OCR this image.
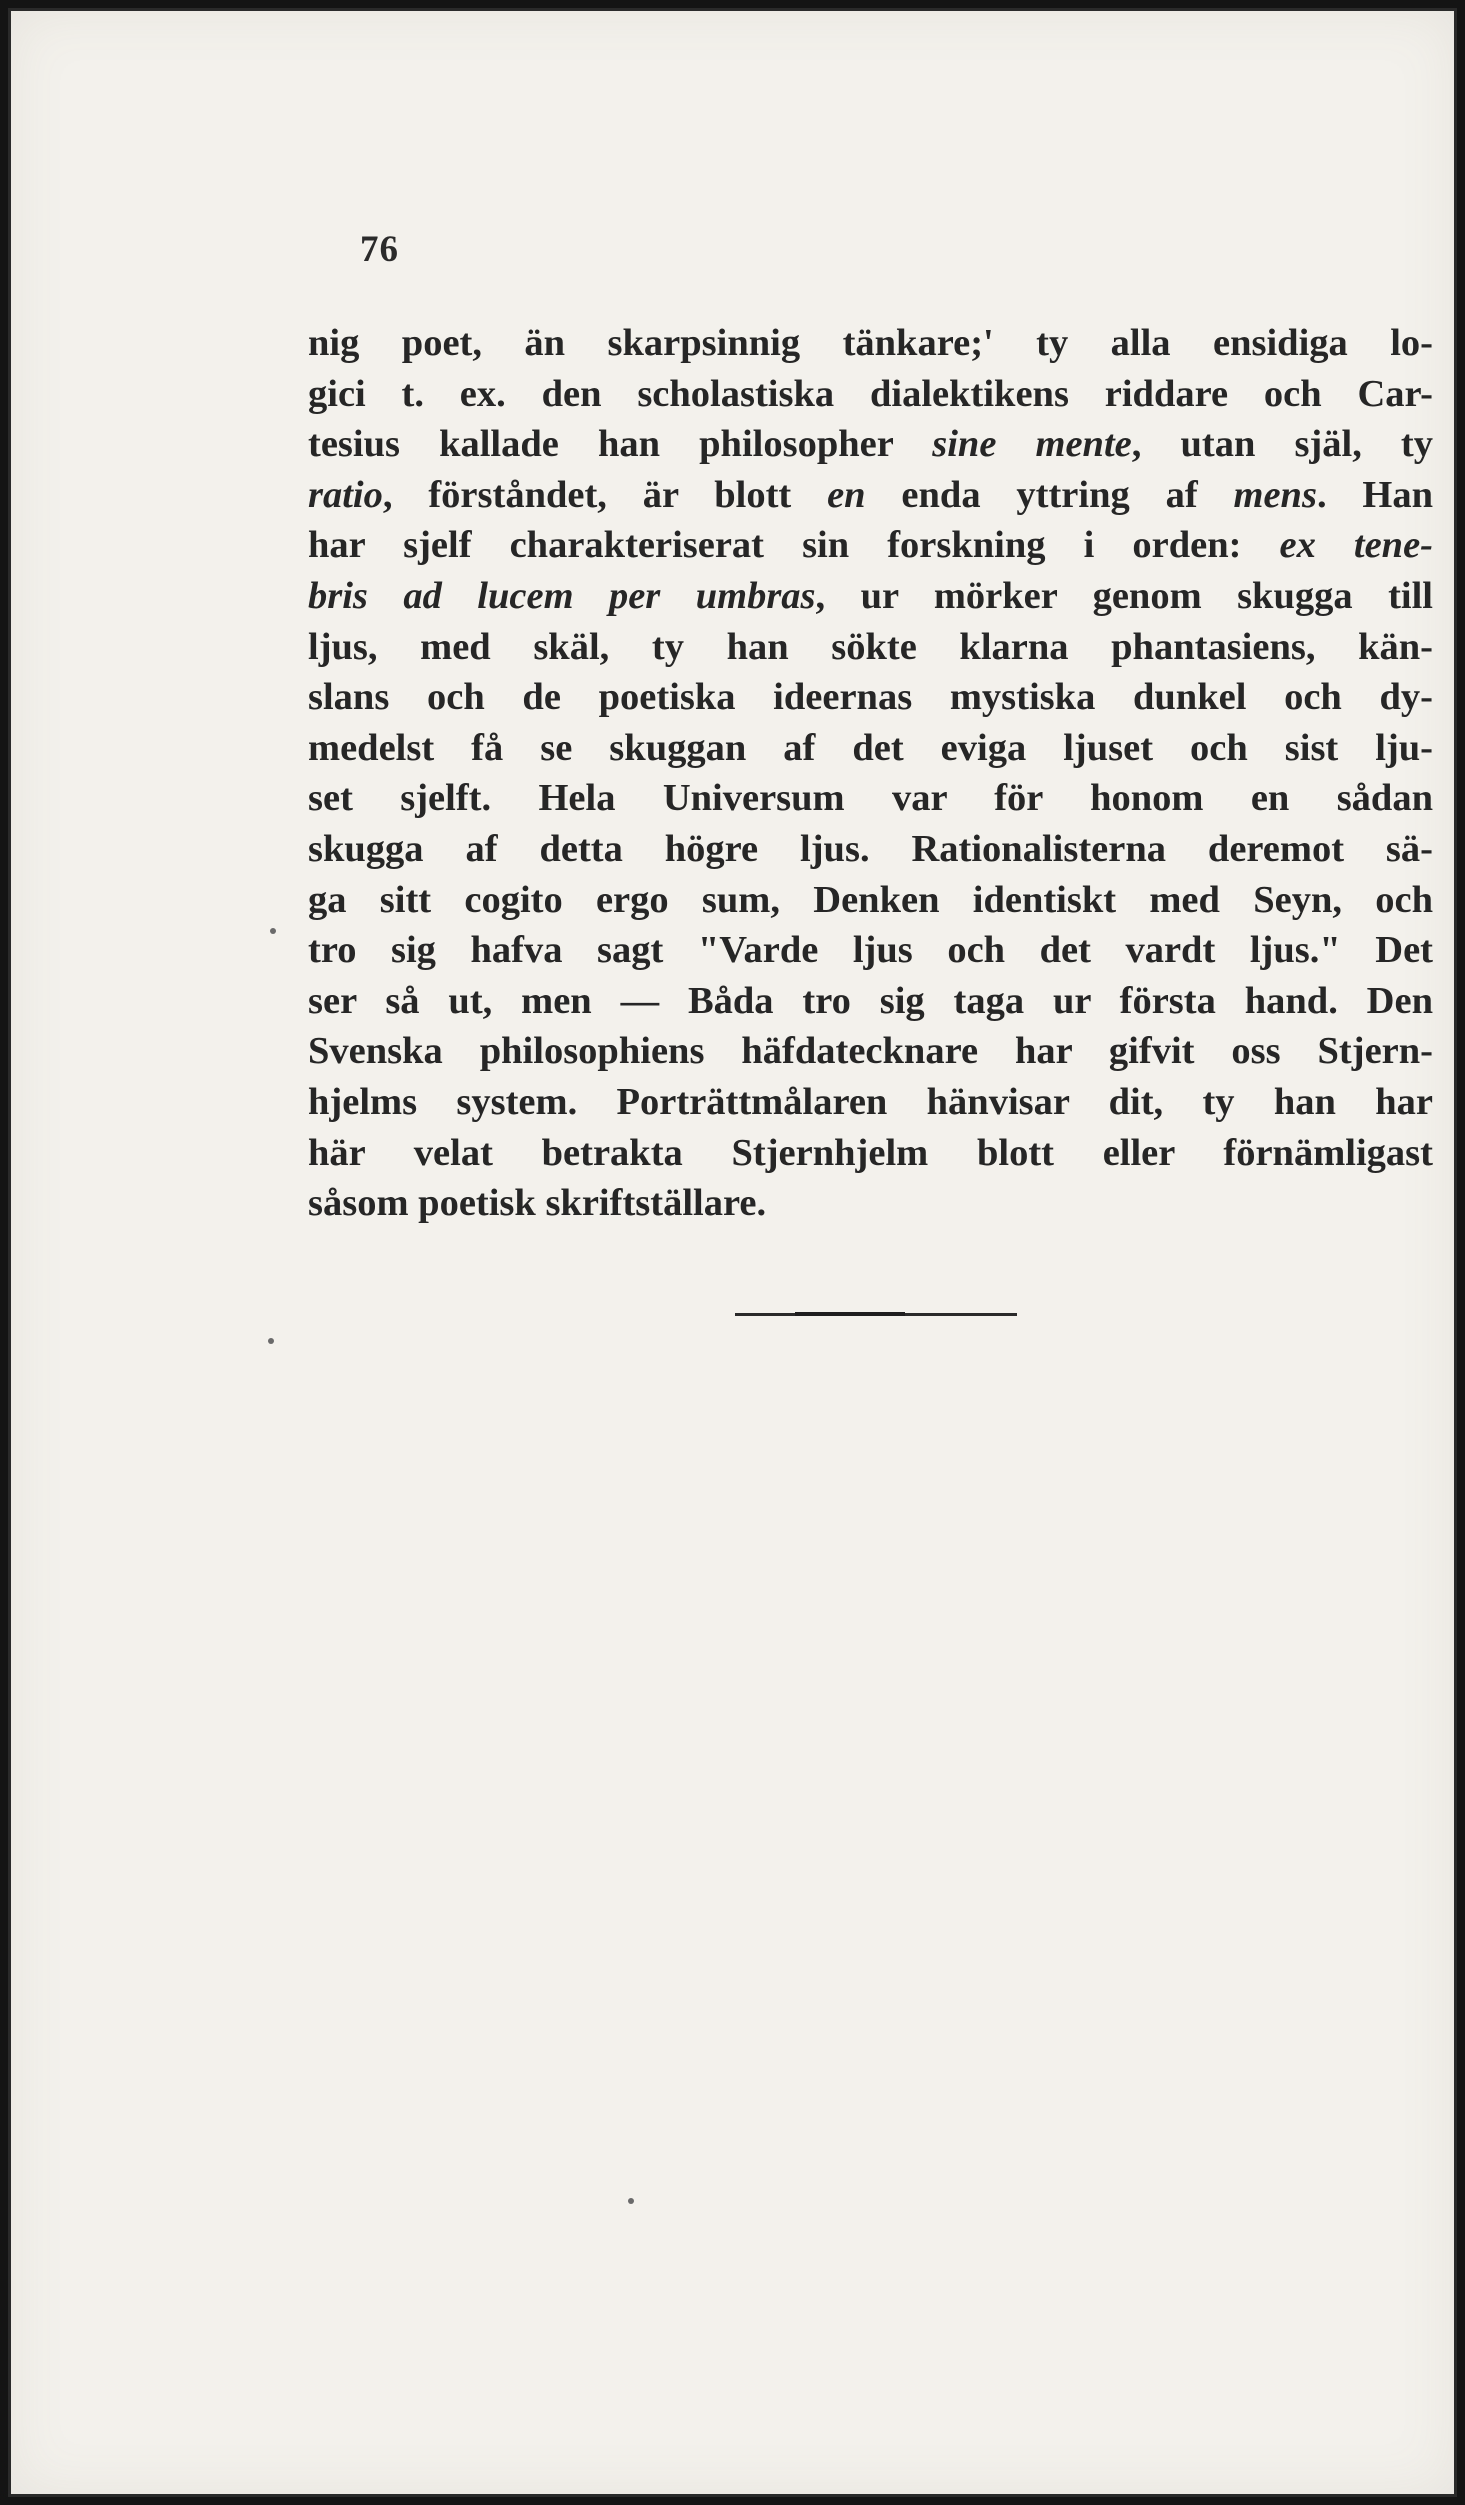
76
nig poet, än skarpsinnig tänkare;' ty alla ensidiga lo-
gici t. ex. den scholastiska dialektikens riddare och Car-
tesius kallade han philosopher sine mente, utan själ, ty
ratio, förståndet, är blott en enda yttring af mens. Han
har sjelf charakteriserat sin forskning i orden: ex tene-
bris ad lucem per umbras, ur mörker genom skugga till
ljus, med skäl, ty han sökte klarna phantasiens, kän-
slans och de poetiska ideernas mystiska dunkel och dy-
medelst få se skuggan af det eviga ljuset och sist lju-
set sjelft. Hela Universum var för honom en sådan
skugga af detta högre ljus. Rationalisterna deremot sä-
ga sitt cogito ergo sum, Denken identiskt med Seyn, och
tro sig hafva sagt "Varde ljus och det vardt ljus." Det
ser så ut, men — Båda tro sig taga ur första hand. Den
Svenska philosophiens häfdatecknare har gifvit oss Stjern-
hjelms system. Porträttmålaren hänvisar dit, ty han har
här velat betrakta Stjernhjelm blott eller förnämligast
såsom poetisk skriftställare.
